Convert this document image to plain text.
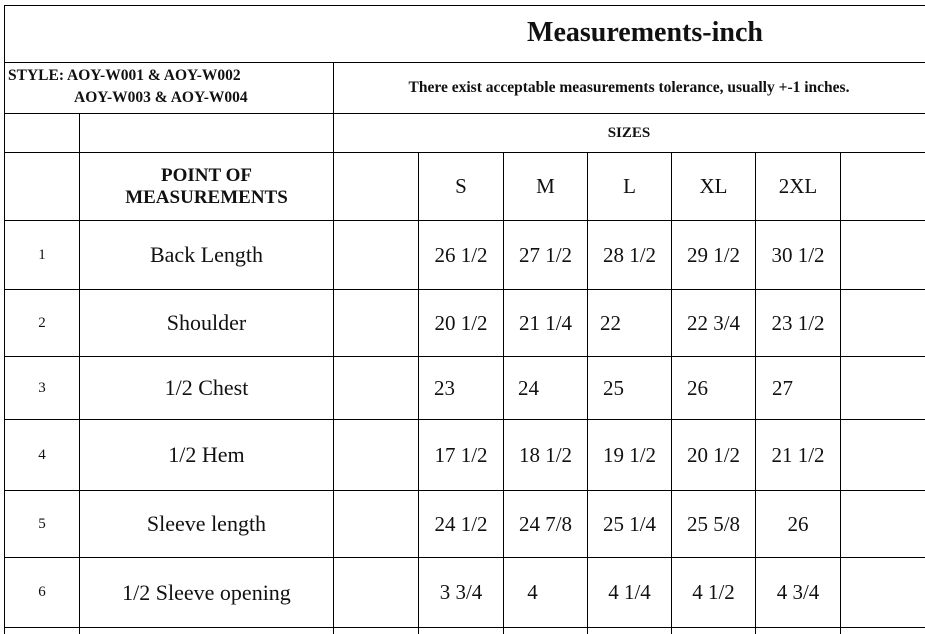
Measurements-inch
STYLE: AOY-W001 & AOY-W002
AOY-W003 & AOY-W004
There exist acceptable measurements tolerance, usually +-1 inches.
SIZES
POINT OF
MEASUREMENTS	S	M	L	XL	2XL
1	Back Length	26 1/2	27 1/2	28 1/2	29 1/2	30 1/2
2	Shoulder	20 1/2	21 1/4	22	22 3/4	23 1/2
3	1/2 Chest	23	24	25	26	27
4	1/2 Hem	17 1/2	18 1/2	19 1/2	20 1/2	21 1/2
5	Sleeve length	24 1/2	24 7/8	25 1/4	25 5/8	26
6	1/2 Sleeve opening	3 3/4	4	4 1/4	4 1/2	4 3/4
